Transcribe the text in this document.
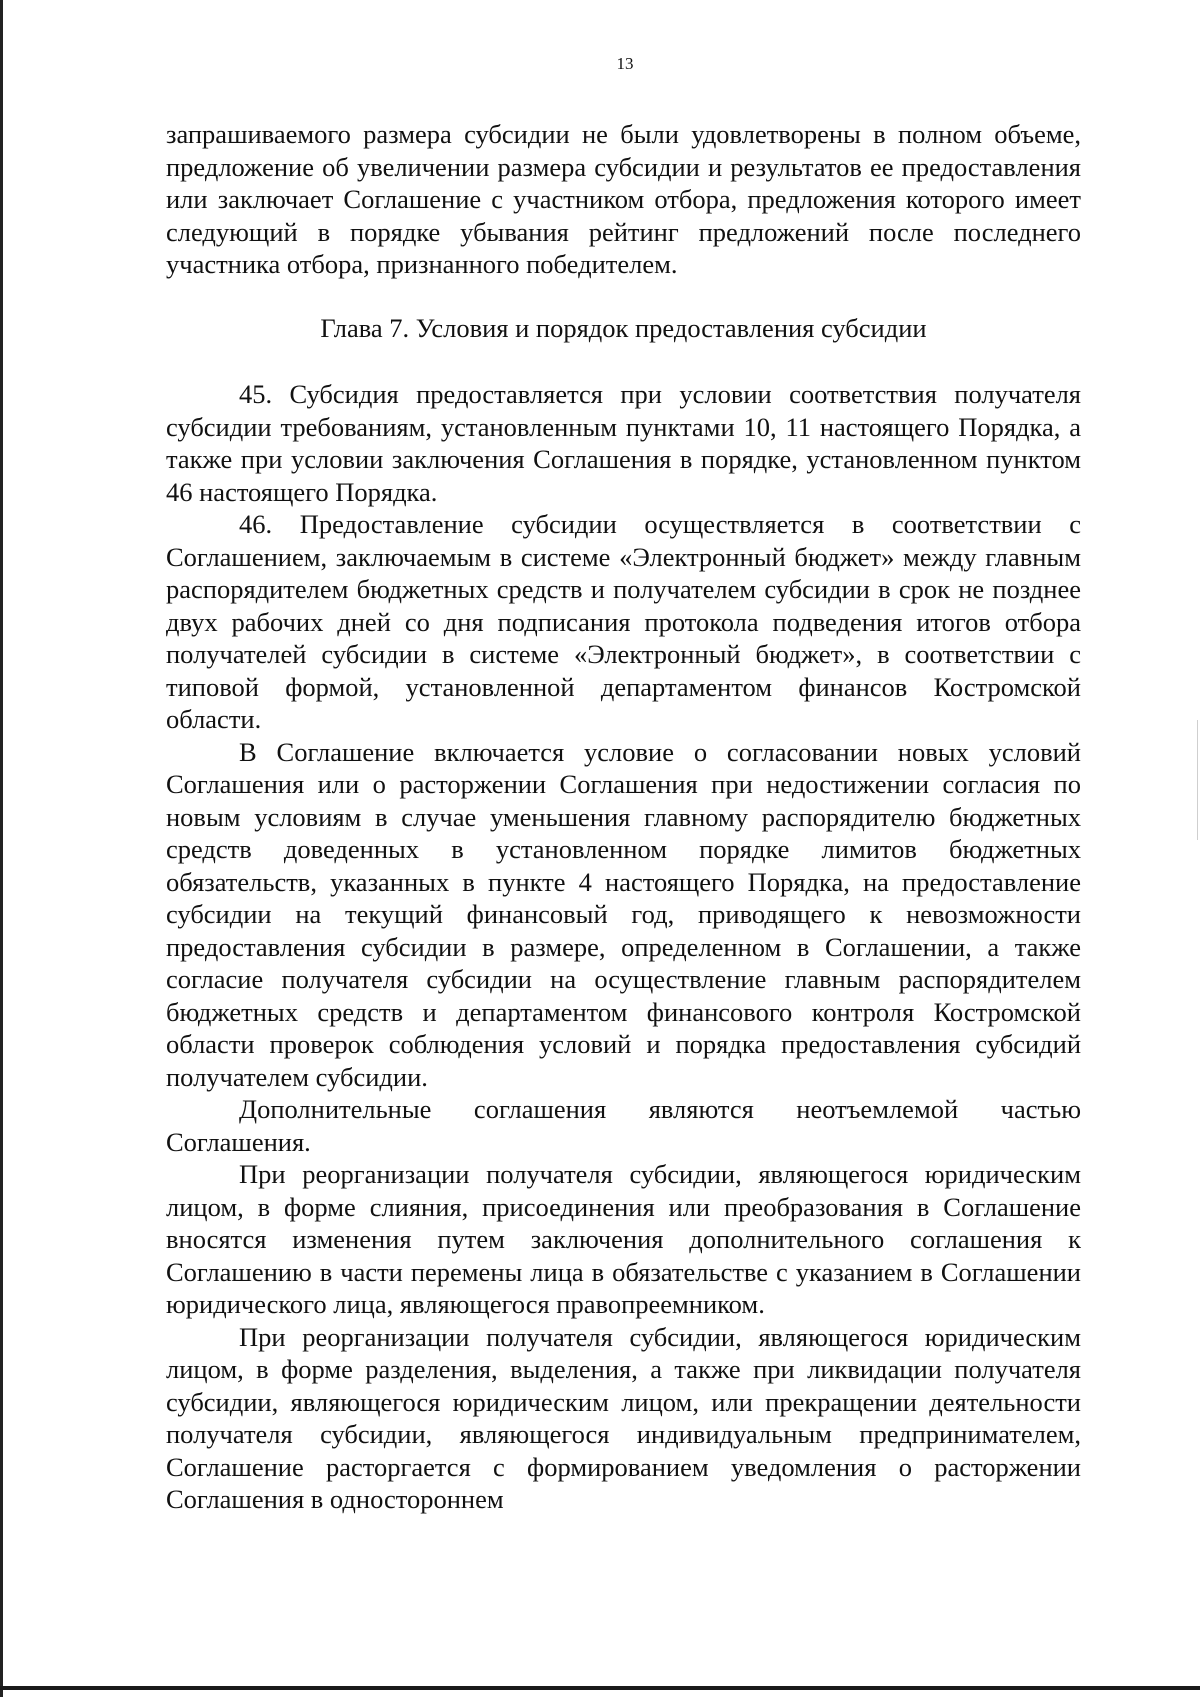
13

запрашиваемого размера субсидии не были удовлетворены в полном объеме, предложение об увеличении размера субсидии и результатов ее предоставления или заключает Соглашение с участником отбора, предложения которого имеет следующий в порядке убывания рейтинг предложений после последнего участника отбора, признанного победителем.

Глава 7. Условия и порядок предоставления субсидии

45. Субсидия предоставляется при условии соответствия получателя субсидии требованиям, установленным пунктами 10, 11 настоящего Порядка, а также при условии заключения Соглашения в порядке, установленном пунктом 46 настоящего Порядка.

46. Предоставление субсидии осуществляется в соответствии с Соглашением, заключаемым в системе «Электронный бюджет» между главным распорядителем бюджетных средств и получателем субсидии в срок не позднее двух рабочих дней со дня подписания протокола подведения итогов отбора получателей субсидии в системе «Электронный бюджет», в соответствии с типовой формой, установленной департаментом финансов Костромской области.

В Соглашение включается условие о согласовании новых условий Соглашения или о расторжении Соглашения при недостижении согласия по новым условиям в случае уменьшения главному распорядителю бюджетных средств доведенных в установленном порядке лимитов бюджетных обязательств, указанных в пункте 4 настоящего Порядка, на предоставление субсидии на текущий финансовый год, приводящего к невозможности предоставления субсидии в размере, определенном в Соглашении, а также согласие получателя субсидии на осуществление главным распорядителем бюджетных средств и департаментом финансового контроля Костромской области проверок соблюдения условий и порядка предоставления субсидий получателем субсидии.

Дополнительные соглашения являются неотъемлемой частью Соглашения.

При реорганизации получателя субсидии, являющегося юридическим лицом, в форме слияния, присоединения или преобразования в Соглашение вносятся изменения путем заключения дополнительного соглашения к Соглашению в части перемены лица в обязательстве с указанием в Соглашении юридического лица, являющегося правопреемником.

При реорганизации получателя субсидии, являющегося юридическим лицом, в форме разделения, выделения, а также при ликвидации получателя субсидии, являющегося юридическим лицом, или прекращении деятельности получателя субсидии, являющегося индивидуальным предпринимателем, Соглашение расторгается с формированием уведомления о расторжении Соглашения в одностороннем
